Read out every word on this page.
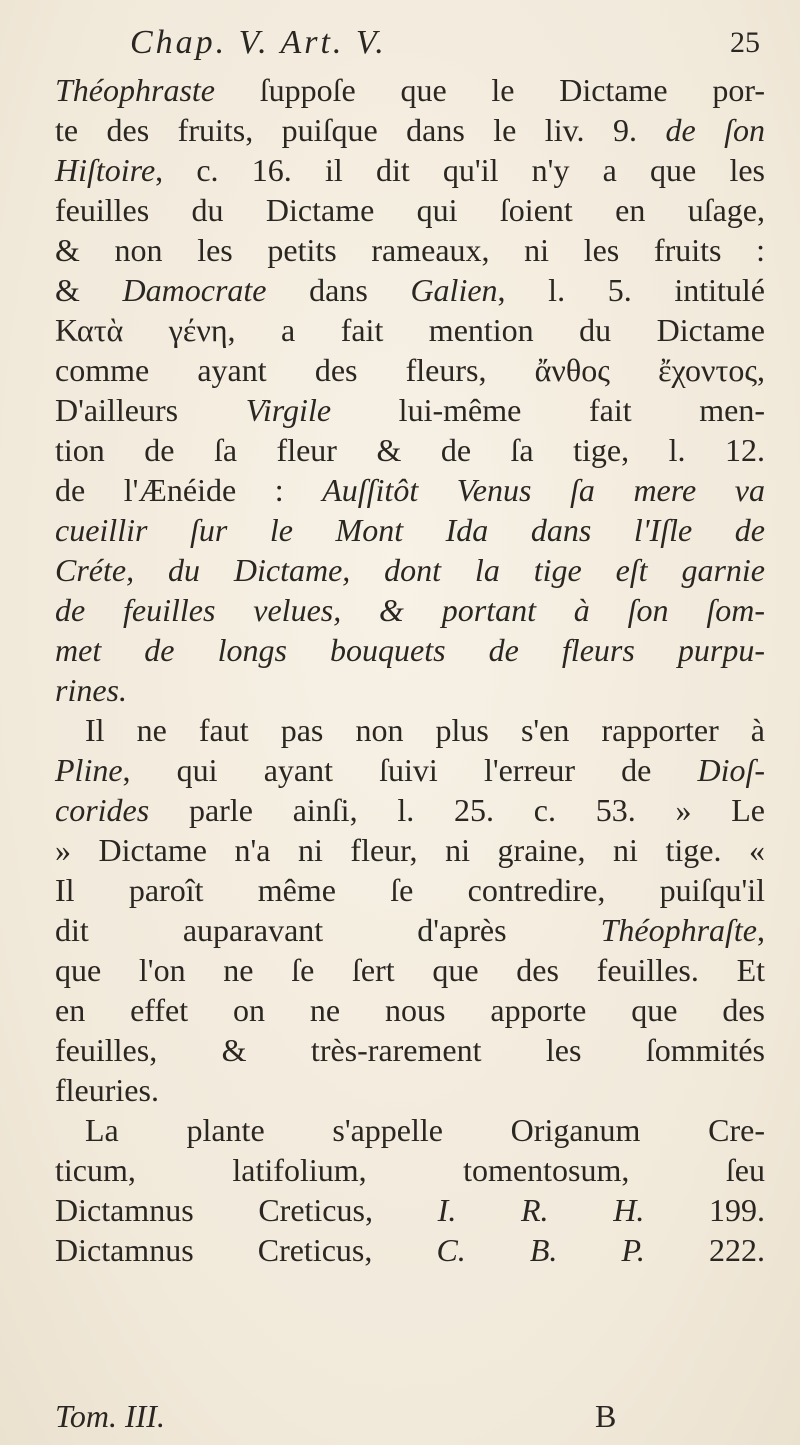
Chap. V. Art. V.	25
Théophraste ſuppoſe que le Dictame por-
te des fruits, puiſque dans le liv. 9. de ſon
Hiſtoire, c. 16. il dit qu'il n'y a que les
feuilles du Dictame qui ſoient en uſage,
& non les petits rameaux, ni les fruits :
& Damocrate dans Galien, l. 5. intitulé
Κατὰ γένη, a fait mention du Dictame
comme ayant des fleurs, ἄνθος ἔχοντος,
D'ailleurs Virgile lui-même fait men-
tion de ſa fleur & de ſa tige, l. 12.
de l'Ænéide : Auſſitôt Venus ſa mere va
cueillir ſur le Mont Ida dans l'Iſle de
Créte, du Dictame, dont la tige eſt garnie
de feuilles velues, & portant à ſon ſom-
met de longs bouquets de fleurs purpu-
rines.
Il ne faut pas non plus s'en rapporter à
Pline, qui ayant ſuivi l'erreur de Dioſ-
corides parle ainſi, l. 25. c. 53. » Le
» Dictame n'a ni fleur, ni graine, ni tige. «
Il paroît même ſe contredire, puiſqu'il
dit auparavant d'après Théophraſte,
que l'on ne ſe ſert que des feuilles. Et
en effet on ne nous apporte que des
feuilles, & très-rarement les ſommités
fleuries.
La plante s'appelle Origanum Cre-
ticum, latifolium, tomentosum, ſeu
Dictamnus Creticus, I. R. H. 199.
Dictamnus Creticus, C. B. P. 222.
Tom. III.	B
